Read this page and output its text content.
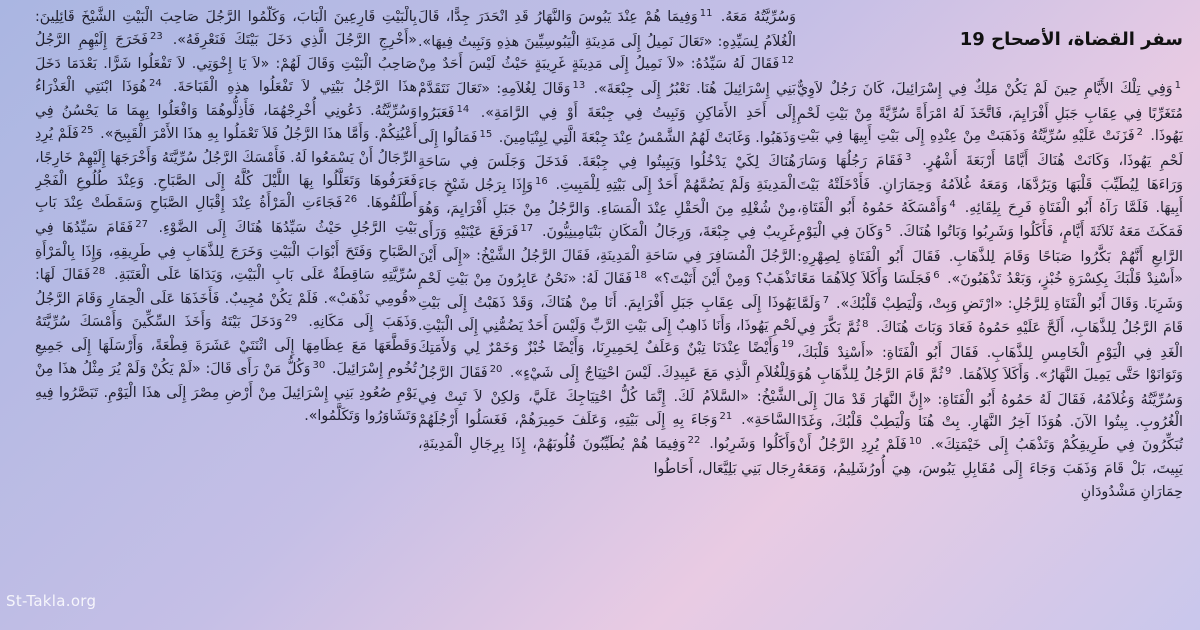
سفر القضاة، الأصحاح 19
$^1$وَفِي تِلْكَ الأَيَّامِ حِينَ لَمْ يَكُنْ مَلِكٌ فِي إِسْرَائِيلَ، كَانَ رَجُلٌ لاَوِيٌّ مُتَغَرِّبًا فِي عِقَابِ جَبَلِ أَفْرَايِمَ، فَاتَّخَذَ لَهُ امْرَأَةً سُرِّيَّةً مِنْ بَيْتِ لَحْمِ يَهُوذَا. $^2$فَزَنَتْ عَلَيْهِ سُرِّيَّتُهُ وَذَهَبَتْ مِنْ عِنْدِهِ إِلَى بَيْتِ أَبِيهَا فِي بَيْتِ لَحْمِ يَهُوذَا، وَكَانَتْ هُنَاكَ أَيَّامًا أَرْبَعَةَ أَشْهُرٍ. $^3$فَقَامَ رَجُلُهَا وَسَارَ وَرَاءَهَا لِيُطَيِّبَ قَلْبَهَا وَيَرُدَّهَا، وَمَعَهُ غُلاَمُهُ وَحِمَارَانِ. فَأَدْخَلَتْهُ بَيْتَ أَبِيهَا. فَلَمَّا رَآهُ أَبُو الْفَتَاةِ فَرِحَ بِلِقَائِهِ. $^4$وَأَمْسَكَهُ حَمُوهُ أَبُو الْفَتَاةِ، فَمَكَثَ مَعَهُ ثَلاَثَةَ أَيَّامٍ، فَأَكَلُوا وَشَرِبُوا وَبَاتُوا هُنَاكَ. $^5$وَكَانَ فِي الْيَوْمِ الرَّابعِ أَنَّهُمْ بَكَّرُوا صَبَاحًا وَقَامَ لِلذَّهَابِ. فَقَالَ أَبُو الْفَتَاةِ لِصِهْرِهِ: «أَسْنِدْ قَلْبَكَ بِكِسْرَةِ خُبْزٍ، وَبَعْدُ تَذْهَبُونَ». $^6$فَجَلَسَا وَأَكَلاَ كِلاَهُمَا مَعًا وَشَرِبَا. وَقَالَ أَبُو الْفَتَاةِ لِلرَّجُلِ: «ارْتَضِ وَبِتْ، وَلْيَطِبْ قَلْبُكَ». $^7$وَلَمَّا قَامَ الرَّجُلُ لِلذَّهَابِ، أَلَحَّ عَلَيْهِ حَمُوهُ فَعَادَ وَبَاتَ هُنَاكَ. $^8$ثُمَّ بَكَّرَ فِي الْغَدِ فِي الْيَوْمِ الْخَامِسِ لِلذَّهَابِ. فَقَالَ أَبُو الْفَتَاةِ: «أَسْنِدْ قَلْبَكَ، وَتَوَانَوْا حَتَّى يَمِيلَ النَّهَارُ». وَأَكَلاَ كِلاَهُمَا. $^9$ثُمَّ قَامَ الرَّجُلُ لِلذَّهَابِ هُوَ وَسُرِّيَّتُهُ وَغُلاَمُهُ، فَقَالَ لَهُ حَمُوهُ أَبُو الْفَتَاةِ: «إِنَّ النَّهَارَ قَدْ مَالَ إِلَى الْغُرُوبِ. بِيتُوا الآنَ. هُوَذَا آخِرُ النَّهَارِ. بِتْ هُنَا وَلْيَطِبْ قَلْبُكَ، وَغَدًا تُبَكِّرُونَ فِي طَرِيقِكُمْ وَتَذْهَبُ إِلَى خَيْمَتِكَ». $^{10}$فَلَمْ يُرِدِ الرَّجُلُ أَنْ يَبِيتَ، بَلْ قَامَ وَذَهَبَ وَجَاءَ إِلَى مُقَابِلِ يَبُوسَ، هِيَ أُورُشَلِيمُ، وَمَعَهُ حِمَارَانِ مَشْدُودَانِ
وَسُرِّيَّتُهُ مَعَهُ. $^{11}$وَفِيمَا هُمْ عِنْدَ يَبُوسَ وَالنَّهَارُ قَدِ انْحَدَرَ جِدًّا، قَالَ الْغُلاَمُ لِسَيِّدِهِ: «تَعَالَ نَمِيلُ إِلَى مَدِينَةِ الْيَبُوسِيِّينَ هذِهِ وَنَبِيتُ فِيهَا». $^{12}$فَقَالَ لَهُ سَيِّدُهُ: «لاَ نَمِيلُ إِلَى مَدِينَةٍ غَرِيبَةٍ حَيْثُ لَيْسَ أَحَدٌ مِنْ بَنِي إِسْرَائِيلَ هُنَا. نَعْبُرُ إِلَى جِبْعَةَ». $^{13}$وَقَالَ لِغُلاَمِهِ: «تَعَالَ نَتَقَدَّمْ إِلَى أَحَدِ الأَمَاكِنِ وَنَبِيتُ فِي جِبْعَةَ أَوْ فِي الرَّامَةِ». $^{14}$فَعَبَرُوا وَذَهَبُوا. وَغَابَتْ لَهُمُ الشَّمْسُ عِنْدَ جِبْعَةَ الَّتِي لِبِنْيَامِينَ. $^{15}$فَمَالُوا إِلَى هُنَاكَ لِكَيْ يَدْخُلُوا وَيَبِيتُوا فِي جِبْعَةَ. فَدَخَلَ وَجَلَسَ فِي سَاحَةِ الْمَدِينَةِ وَلَمْ يَضُمَّهُمْ أَحَدٌ إِلَى بَيْتِهِ لِلْمَبِيتِ. $^{16}$وَإِذَا بِرَجُل شَيْخٍ جَاءَ مِنْ شُغْلِهِ مِنَ الْحَقْلِ عِنْدَ الْمَسَاءِ. وَالرَّجُلُ مِنْ جَبَلِ أَفْرَايِمَ، وَهُوَ غَرِيبٌ فِي جِبْعَةَ، وَرِجَالُ الْمَكَانِ بَنْيَامِينِيُّونَ. $^{17}$فَرَفَعَ عَيْنَيْهِ وَرَأَى الرَّجُلَ الْمُسَافِرَ فِي سَاحَةِ الْمَدِينَةِ، فَقَالَ الرَّجُلُ الشَّيْخُ: «إِلَى أَيْنَ تَذْهَبُ؟ وَمِنْ أَيْنَ أَتَيْتَ؟» $^{18}$فَقَالَ لَهُ: «نَحْنُ عَابِرُونَ مِنْ بَيْتِ لَحْمِ يَهُوذَا إِلَى عِقَابِ جَبَلِ أَفْرَايِمَ. أَنَا مِنْ هُنَاكَ، وَقَدْ ذَهَبْتُ إِلَى بَيْتِ لَحْمِ يَهُوذَا، وَأَنَا ذَاهِبٌ إِلَى بَيْتِ الرَّبِّ وَلَيْسَ أَحَدٌ يَضُمُّنِي إِلَى الْبَيْتِ. $^{19}$وَأَيْضًا عِنْدَنَا تِبْنٌ وَعَلَفٌ لِحَمِيرِنَا، وَأَيْضًا خُبْزٌ وَخَمْرٌ لِي وَلأَمَتِكَ وَلِلْغُلاَمِ الَّذِي مَعَ عَبِيدِكَ. لَيْسَ احْتِيَاجٌ إِلَى شَيْءٍ». $^{20}$فَقَالَ الرَّجُلُ الشَّيْخُ: «السَّلاَمُ لَكَ. إِنَّمَا كُلُّ احْتِيَاجِكَ عَلَيَّ، وَلكِنْ لاَ تَبِتْ فِي السَّاحَةِ». $^{21}$وَجَاءَ بِهِ إِلَى بَيْتِهِ، وَعَلَفَ حَمِيرَهُمْ، فَغَسَلُوا أَرْجُلَهُمْ وَأَكَلُوا وَشَرِبُوا. $^{22}$وَفِيمَا هُمْ يُطَيِّبُونَ قُلُوبَهُمْ، إِذَا بِرِجَالِ الْمَدِينَةِ، رِجَال بَنِي بَلِيَّعَال، أَحَاطُوا
بِالْبَيْتِ قَارِعِينَ الْبَابَ، وَكَلَّمُوا الرَّجُلَ صَاحِبَ الْبَيْتِ الشَّيْخَ قَائِلِينَ: «أَخْرِجِ الرَّجُلَ الَّذِي دَخَلَ بَيْتَكَ فَنَعْرِفَهُ». $^{23}$فَخَرَجَ إِلَيْهِمِ الرَّجُلُ صَاحِبُ الْبَيْتِ وَقَالَ لَهُمْ: «لاَ يَا إِخْوَتِي. لاَ تَفْعَلُوا شَرًّا. بَعْدَمَا دَخَلَ هذَا الرَّجُلُ بَيْتِي لاَ تَفْعَلُوا هذِهِ الْقَبَاحَةَ. $^{24}$هُوَذَا ابْنَتِي الْعَذْرَاءُ وَسُرِّيَّتُهُ. دَعُونِي أُخْرِجْهُمَا، فَأَذِلُّوهُمَا وَافْعَلُوا بِهِمَا مَا يَحْسُنُ فِي أَعْيُنِكُمْ. وَأَمَّا هذَا الرَّجُلُ فَلاَ تَعْمَلُوا بِهِ هذَا الأَمْرَ الْقَبِيحَ». $^{25}$فَلَمْ يُرِدِ الرِّجَالُ أَنْ يَسْمَعُوا لَهُ. فَأَمْسَكَ الرَّجُلُ سُرِّيَّتَهُ وَأَخْرَجَهَا إِلَيْهِمْ خَارِجًا، فَعَرَفُوهَا وَتَعَلَّلُوا بِهَا اللَّيْلَ كُلَّهُ إِلَى الصَّبَاحِ. وَعِنْدَ طُلُوعِ الْفَجْرِ أَطْلَقُوهَا. $^{26}$فَجَاءَتِ الْمَرْأَةُ عِنْدَ إِقْبَالِ الصَّبَاحِ وَسَقَطَتْ عِنْدَ بَابِ بَيْتِ الرَّجُلِ حَيْثُ سَيِّدُهَا هُنَاكَ إِلَى الضَّوْءِ. $^{27}$فَقَامَ سَيِّدُهَا فِي الصَّبَاحِ وَفَتَحَ أَبْوَابَ الْبَيْتِ وَخَرَجَ لِلذَّهَابِ فِي طَرِيقِهِ، وَإِذَا بِالْمَرْأَةِ سُرِّيَّتِهِ سَاقِطَةٌ عَلَى بَابِ الْبَيْتِ، وَيَدَاهَا عَلَى الْعَتَبَةِ. $^{28}$فَقَالَ لَهَا: «قُومِي نَذْهَبْ». فَلَمْ يَكُنْ مُجِيبٌ. فَأَخَذَهَا عَلَى الْحِمَارِ وَقَامَ الرَّجُلُ وَذَهَبَ إِلَى مَكَانِهِ. $^{29}$وَدَخَلَ بَيْتَهُ وَأَخَذَ السِّكِّينَ وَأَمْسَكَ سُرِّيَّتَهُ وَقَطَّعَهَا مَعَ عِظَامِهَا إِلَى اثْنَتَيْ عَشَرَةَ قِطْعَةً، وَأَرْسَلَهَا إِلَى جَمِيعِ تُخُومِ إِسْرَائِيلَ. $^{30}$وَكُلُّ مَنْ رَأَى قَالَ: «لَمْ يَكُنْ وَلَمْ يُرَ مِثْلُ هذَا مِنْ يَوْمِ صُعُودِ بَنِي إِسْرَائِيلَ مِنْ أَرْضِ مِصْرَ إِلَى هذَا الْيَوْمِ. تَبَصَّرُوا فِيهِ وَتَشَاوَرُوا وَتَكَلَّمُوا».
St-Takla.org
